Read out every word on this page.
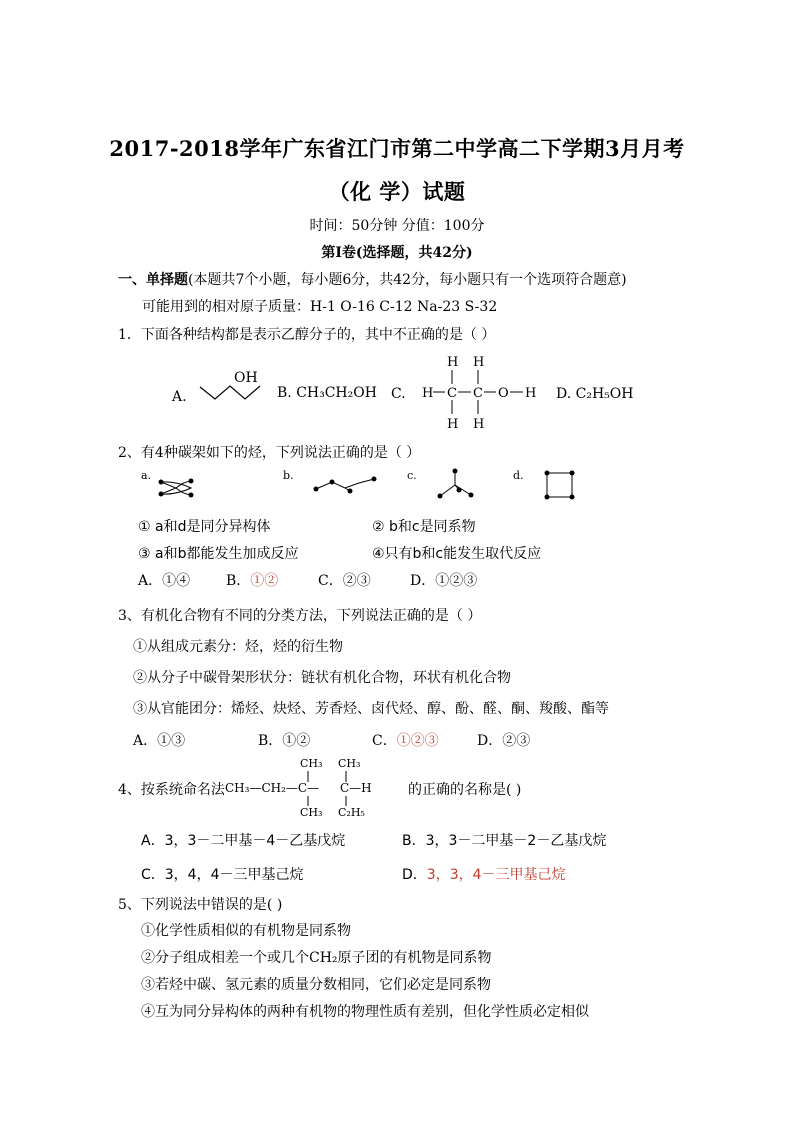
2017-2018学年广东省江门市第二中学高二下学期3月月考
（化 学）试题
时间：50分钟 分值：100分
第Ⅰ卷(选择题，共42分)
一、单择题(本题共7个小题，每小题6分，共42分，每小题只有一个选项符合题意)
可能用到的相对原子质量：H-1 O-16 C-12 Na-23 S-32
1．下面各种结构都是表示乙醇分子的，其中不正确的是（ ）
A.
OH
B. CH₃CH₂OH C.
H H
H C C O H
H H
D. C₂H₅OH
2、有4种碳架如下的烃，下列说法正确的是（ ）
a.	b.	c.	d.
① a和d是同分异构体	② b和c是同系物
③ a和b都能发生加成反应	④只有b和c能发生取代反应
A．①④	B．①②	C．②③	D．①②③
3、有机化合物有不同的分类方法，下列说法正确的是（ ）
①从组成元素分：烃，烃的衍生物
②从分子中碳骨架形状分：链状有机化合物，环状有机化合物
③从官能团分：烯烃、炔烃、芳香烃、卤代烃、醇、酚、醛、酮、羧酸、酯等
A．①③	B．①②	C．①②③	D．②③
4、按系统命名法
CH₃ CH₃
CH₃—CH₂—C— C—H
CH₃ C₂H₅
的正确的名称是( )
A．3，3－二甲基－4－乙基戊烷	B．3，3－二甲基－2－乙基戊烷
C．3，4，4－三甲基己烷	D．3，3，4－三甲基己烷
5、下列说法中错误的是( )
①化学性质相似的有机物是同系物
②分子组成相差一个或几个CH₂原子团的有机物是同系物
③若烃中碳、氢元素的质量分数相同，它们必定是同系物
④互为同分异构体的两种有机物的物理性质有差别，但化学性质必定相似
